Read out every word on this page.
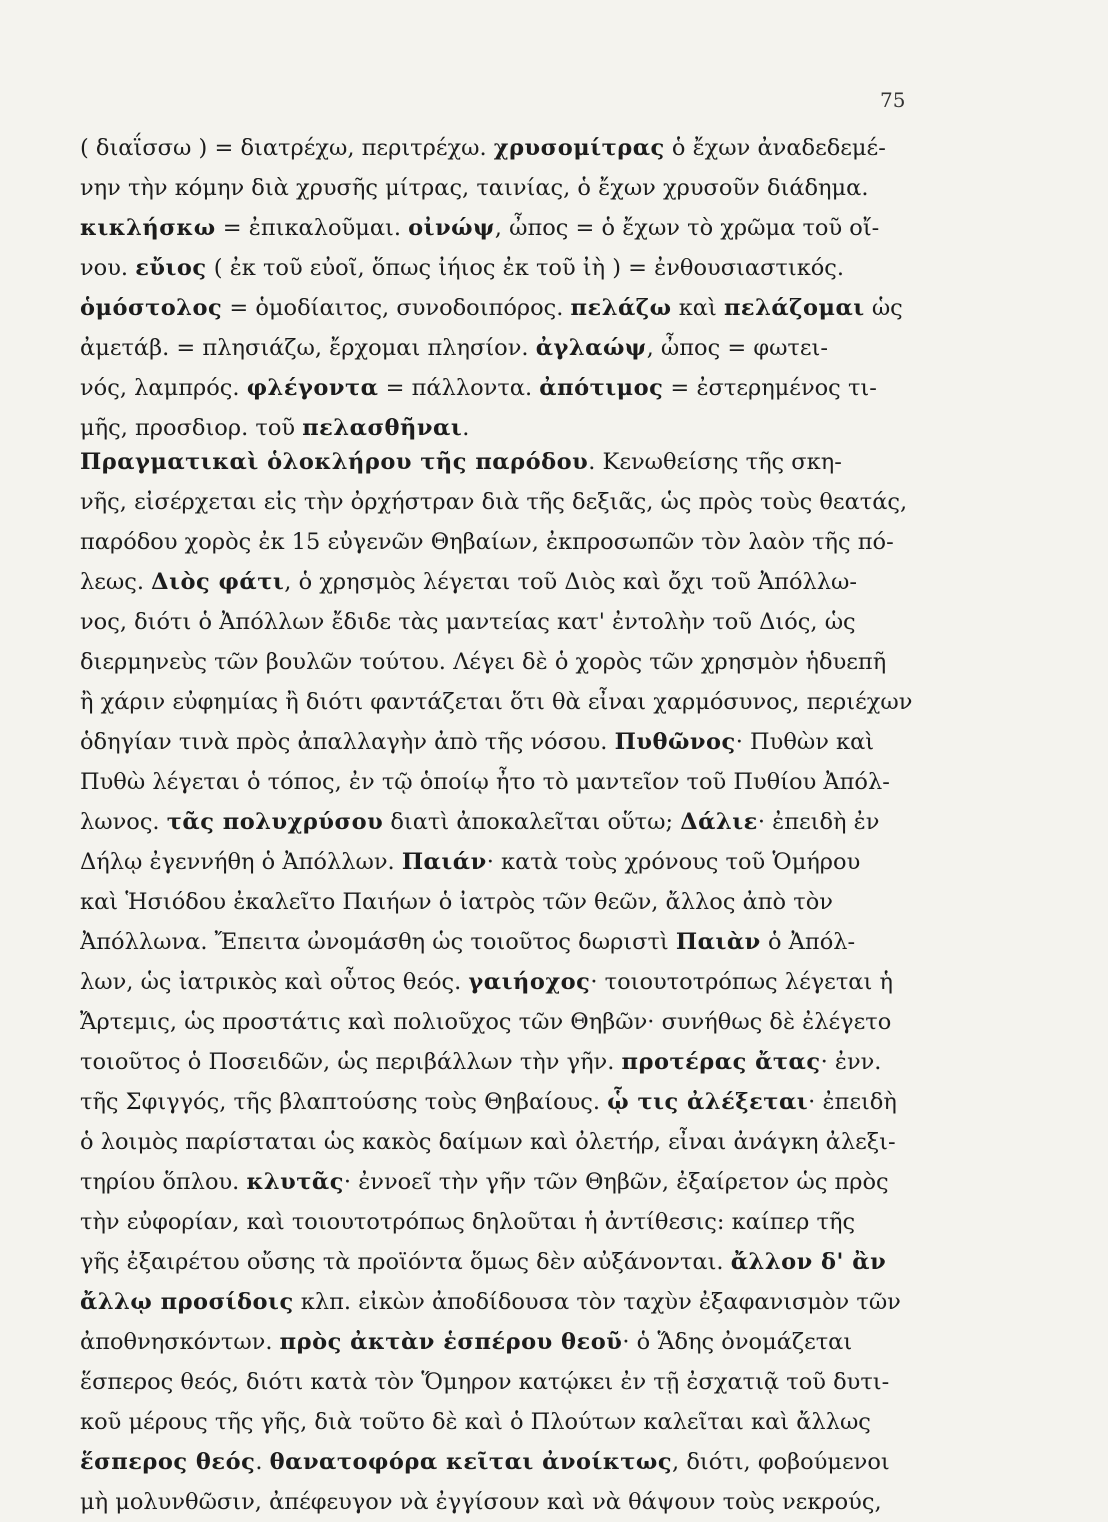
75
( διαΐσσω ) = διατρέχω, περιτρέχω. χρυσομίτρας ὁ ἔχων ἀναδεδεμέ-
νην τὴν κόμην διὰ χρυσῆς μίτρας, ταινίας, ὁ ἔχων χρυσοῦν διάδημα.
κικλήσκω = ἐπικαλοῦμαι. οἰνώψ, ὦπος = ὁ ἔχων τὸ χρῶμα τοῦ οἴ-
νου. εὔιος ( ἐκ τοῦ εὐοῖ, ὅπως ἰήιος ἐκ τοῦ ἰὴ ) = ἐνθουσιαστικός.
ὁμόστολος = ὁμοδίαιτος, συνοδοιπόρος. πελάζω καὶ πελάζομαι ὡς
ἀμετάβ. = πλησιάζω, ἔρχομαι πλησίον. ἀγλαώψ, ὦπος = φωτει-
νός, λαμπρός. φλέγοντα = πάλλοντα. ἀπότιμος = ἐστερημένος τι-
μῆς, προσδιορ. τοῦ πελασθῆναι.
Πραγματικαὶ ὁλοκλήρου τῆς παρόδου. Κενωθείσης τῆς σκη-
νῆς, εἰσέρχεται εἰς τὴν ὀρχήστραν διὰ τῆς δεξιᾶς, ὡς πρὸς τοὺς θεατάς,
παρόδου χορὸς ἐκ 15 εὐγενῶν Θηβαίων, ἐκπροσωπῶν τὸν λαὸν τῆς πό-
λεως. Διὸς φάτι, ὁ χρησμὸς λέγεται τοῦ Διὸς καὶ ὄχι τοῦ Ἀπόλλω-
νος, διότι ὁ Ἀπόλλων ἔδιδε τὰς μαντείας κατ' ἐντολὴν τοῦ Διός, ὡς
διερμηνεὺς τῶν βουλῶν τούτου. Λέγει δὲ ὁ χορὸς τῶν χρησμὸν ἡδυεπῆ
ἢ χάριν εὐφημίας ἢ διότι φαντάζεται ὅτι θὰ εἶναι χαρμόσυνος, περιέχων
ὁδηγίαν τινὰ πρὸς ἀπαλλαγὴν ἀπὸ τῆς νόσου. Πυθῶνος· Πυθὼν καὶ
Πυθὼ λέγεται ὁ τόπος, ἐν τῷ ὁποίῳ ἦτο τὸ μαντεῖον τοῦ Πυθίου Ἀπόλ-
λωνος. τᾶς πολυχρύσου διατὶ ἀποκαλεῖται οὕτω; Δάλιε· ἐπειδὴ ἐν
Δήλῳ ἐγεννήθη ὁ Ἀπόλλων. Παιάν· κατὰ τοὺς χρόνους τοῦ Ὁμήρου
καὶ Ἡσιόδου ἐκαλεῖτο Παιήων ὁ ἰατρὸς τῶν θεῶν, ἄλλος ἀπὸ τὸν
Ἀπόλλωνα. Ἔπειτα ὠνομάσθη ὡς τοιοῦτος δωριστὶ Παιὰν ὁ Ἀπόλ-
λων, ὡς ἰατρικὸς καὶ οὗτος θεός. γαιήοχος· τοιουτοτρόπως λέγεται ἡ
Ἄρτεμις, ὡς προστάτις καὶ πολιοῦχος τῶν Θηβῶν· συνήθως δὲ ἐλέγετο
τοιοῦτος ὁ Ποσειδῶν, ὡς περιβάλλων τὴν γῆν. προτέρας ἄτας· ἐνν.
τῆς Σφιγγός, τῆς βλαπτούσης τοὺς Θηβαίους. ᾧ τις ἀλέξεται· ἐπειδὴ
ὁ λοιμὸς παρίσταται ὡς κακὸς δαίμων καὶ ὀλετήρ, εἶναι ἀνάγκη ἀλεξι-
τηρίου ὅπλου. κλυτᾶς· ἐννοεῖ τὴν γῆν τῶν Θηβῶν, ἐξαίρετον ὡς πρὸς
τὴν εὐφορίαν, καὶ τοιουτοτρόπως δηλοῦται ἡ ἀντίθεσις: καίπερ τῆς
γῆς ἐξαιρέτου οὔσης τὰ προϊόντα ὅμως δὲν αὐξάνονται. ἄλλον δ' ἂν
ἄλλῳ προσίδοις κλπ. εἰκὼν ἀποδίδουσα τὸν ταχὺν ἐξαφανισμὸν τῶν
ἀποθνησκόντων. πρὸς ἀκτὰν ἑσπέρου θεοῦ· ὁ Ἅδης ὀνομάζεται
ἕσπερος θεός, διότι κατὰ τὸν Ὅμηρον κατῴκει ἐν τῇ ἐσχατιᾷ τοῦ δυτι-
κοῦ μέρους τῆς γῆς, διὰ τοῦτο δὲ καὶ ὁ Πλούτων καλεῖται καὶ ἄλλως
ἕσπερος θεός. θανατοφόρα κεῖται ἀνοίκτως, διότι, φοβούμενοι
μὴ μολυνθῶσιν, ἀπέφευγον νὰ ἐγγίσουν καὶ νὰ θάψουν τοὺς νεκρούς,
